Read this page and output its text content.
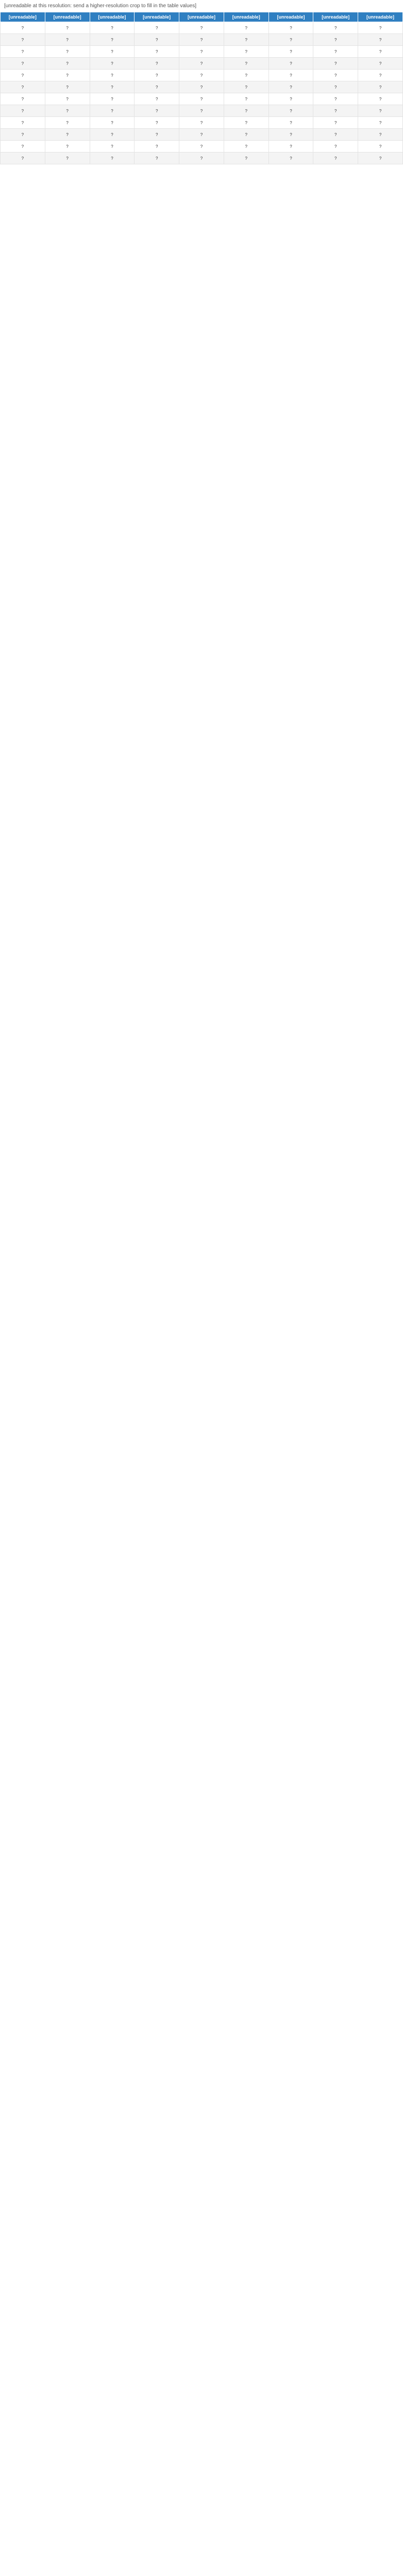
[unreadable at this resolution: send a higher-resolution crop to fill in the table values]
[unreadable]	[unreadable]	[unreadable]	[unreadable]	[unreadable]	[unreadable]	[unreadable]	[unreadable]	[unreadable]
?	?	?	?	?	?	?	?	?
?	?	?	?	?	?	?	?	?
?	?	?	?	?	?	?	?	?
?	?	?	?	?	?	?	?	?
?	?	?	?	?	?	?	?	?
?	?	?	?	?	?	?	?	?
?	?	?	?	?	?	?	?	?
?	?	?	?	?	?	?	?	?
?	?	?	?	?	?	?	?	?
?	?	?	?	?	?	?	?	?
?	?	?	?	?	?	?	?	?
?	?	?	?	?	?	?	?	?
